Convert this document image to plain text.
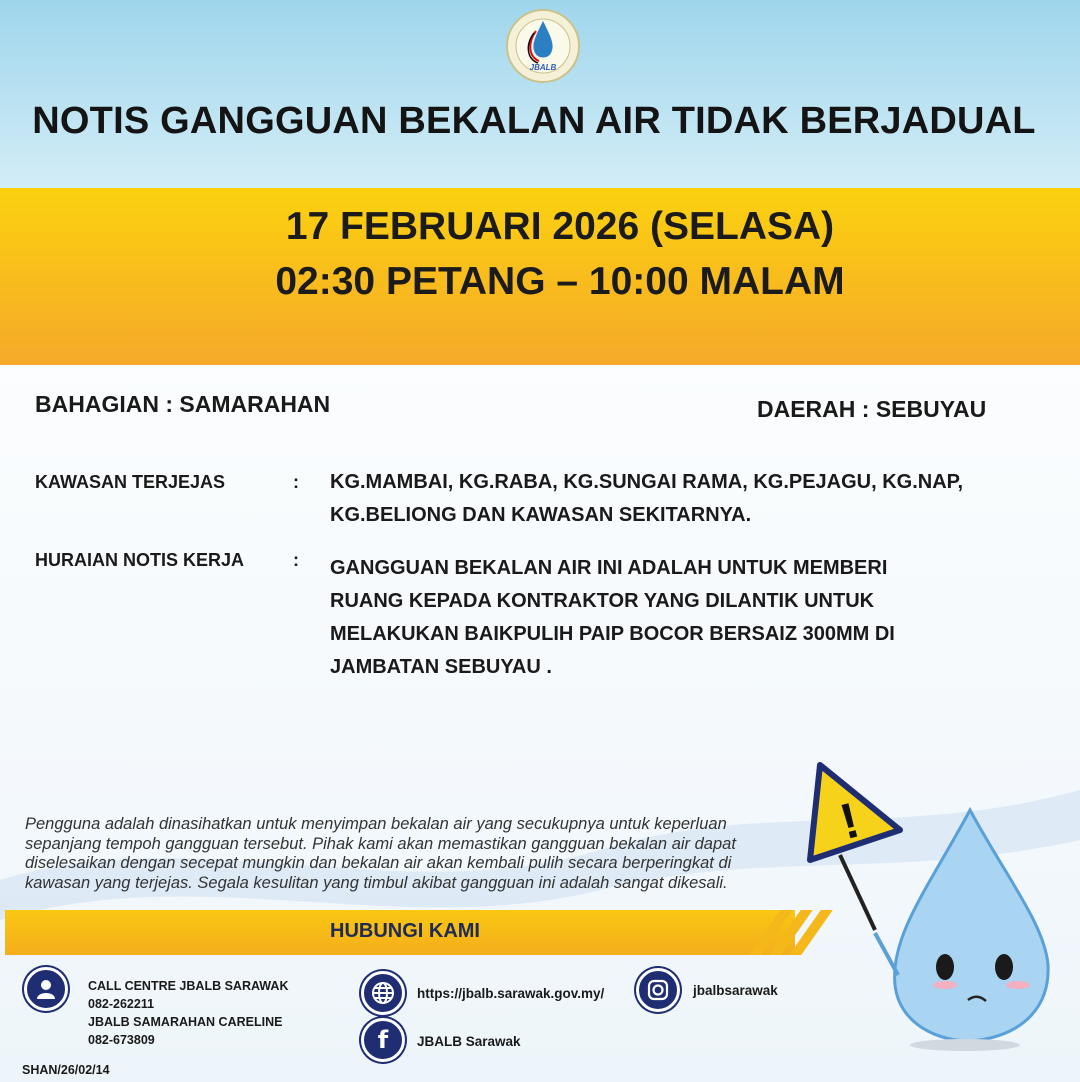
JBALB
NOTIS GANGGUAN BEKALAN AIR TIDAK BERJADUAL
17 FEBRUARI 2026 (SELASA)
02:30 PETANG – 10:00 MALAM
BAHAGIAN : SAMARAHAN	DAERAH : SEBUYAU
KAWASAN TERJEJAS	: KG.MAMBAI, KG.RABA, KG.SUNGAI RAMA, KG.PEJAGU, KG.NAP,
KG.BELIONG DAN KAWASAN SEKITARNYA.
HURAIAN NOTIS KERJA	: GANGGUAN BEKALAN AIR INI ADALAH UNTUK MEMBERI
RUANG KEPADA KONTRAKTOR YANG DILANTIK UNTUK
MELAKUKAN BAIKPULIH PAIP BOCOR BERSAIZ 300MM DI
JAMBATAN SEBUYAU .
Pengguna adalah dinasihatkan untuk menyimpan bekalan air yang secukupnya untuk keperluan sepanjang tempoh gangguan tersebut. Pihak kami akan memastikan gangguan bekalan air dapat diselesaikan dengan secepat mungkin dan bekalan air akan kembali pulih secara berperingkat di kawasan yang terjejas. Segala kesulitan yang timbul akibat gangguan ini adalah sangat dikesali.
HUBUNGI KAMI
CALL CENTRE JBALB SARAWAK
082-262211
JBALB SAMARAHAN CARELINE
082-673809
https://jbalb.sarawak.gov.my/
f	JBALB Sarawak
jbalbsarawak
SHAN/26/02/14
!
